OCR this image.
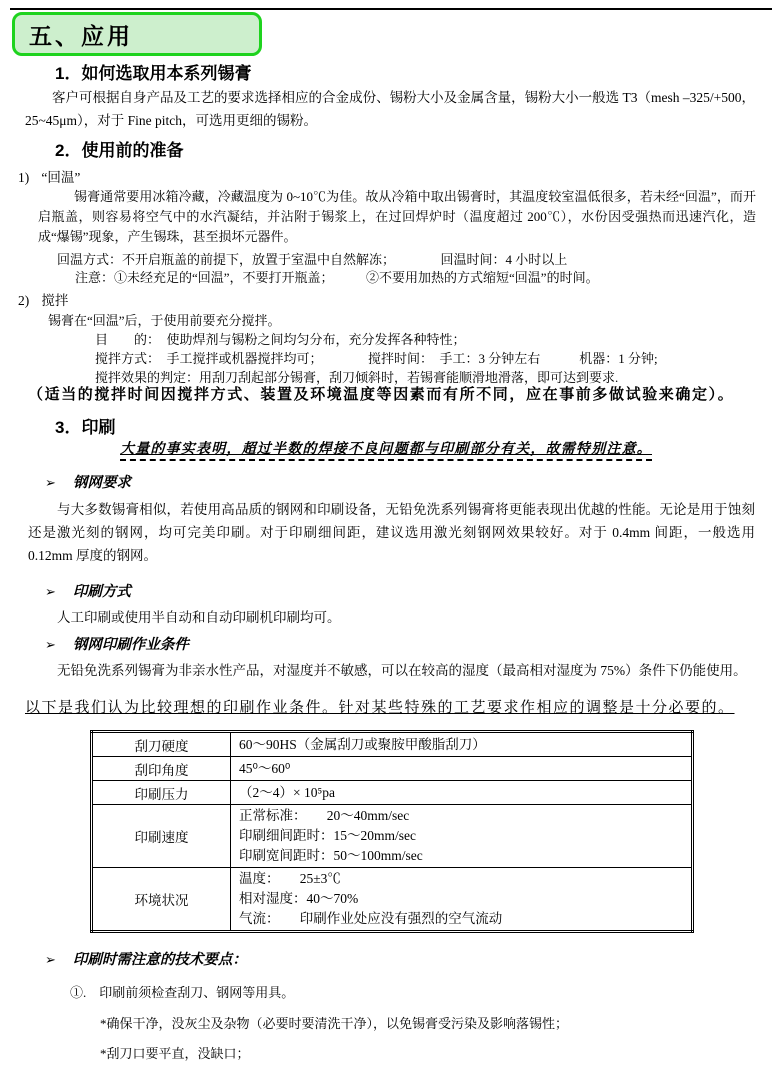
五、应用
1．如何选取用本系列锡膏
客户可根据自身产品及工艺的要求选择相应的合金成份、锡粉大小及金属含量，锡粉大小一般选 T3（mesh –325/+500，25~45μm），对于 Fine pitch，可选用更细的锡粉。
2．使用前的准备
1) “回温”
锡膏通常要用冰箱冷藏，冷藏温度为 0~10℃为佳。故从冷箱中取出锡膏时，其温度较室温低很多，若未经“回温”，而开启瓶盖，则容易将空气中的水汽凝结，并沾附于锡浆上，在过回焊炉时（温度超过 200℃），水份因受强热而迅速汽化，造成“爆锡”现象，产生锡珠，甚至损坏元器件。
回温方式：不开启瓶盖的前提下，放置于室温中自然解冻；　　　　回温时间：4 小时以上
注意：①未经充足的“回温”，不要打开瓶盖；　　　②不要用加热的方式缩短“回温”的时间。
2) 搅拌
锡膏在“回温”后，于使用前要充分搅拌。
目　　的：　使助焊剂与锡粉之间均匀分布，充分发挥各种特性；
搅拌方式：　手工搅拌或机器搅拌均可；　　　　搅拌时间：　手工：3 分钟左右　　　机器：1 分钟;
搅拌效果的判定：用刮刀刮起部分锡膏，刮刀倾斜时，若锡膏能顺滑地滑落，即可达到要求.
（适当的搅拌时间因搅拌方式、装置及环境温度等因素而有所不同，应在事前多做试验来确定）。
3．印刷
大量的事实表明，超过半数的焊接不良问题都与印刷部分有关，故需特别注意。
➢ 钢网要求
与大多数锡膏相似，若使用高品质的钢网和印刷设备，无铅免洗系列锡膏将更能表现出优越的性能。无论是用于蚀刻还是激光刻的钢网，均可完美印刷。对于印刷细间距，建议选用激光刻钢网效果较好。对于 0.4mm 间距，一般选用 0.12mm 厚度的钢网。
➢ 印刷方式
人工印刷或使用半自动和自动印刷机印刷均可。
➢ 钢网印刷作业条件
无铅免洗系列锡膏为非亲水性产品，对湿度并不敏感，可以在较高的湿度（最高相对湿度为 75%）条件下仍能使用。
以下是我们认为比较理想的印刷作业条件。针对某些特殊的工艺要求作相应的调整是十分必要的。
刮刀硬度	60～90HS（金属刮刀或聚胺甲酸脂刮刀）

刮印角度	45⁰～60⁰

印刷压力	（2～4）× 10⁵pa

印刷速度	正常标准：　　20～40mm/sec
印刷细间距时：15～20mm/sec
印刷宽间距时：50～100mm/sec

环境状况	温度：　　25±3℃
相对湿度：40～70%
气流：　　印刷作业处应没有强烈的空气流动
➢ 印刷时需注意的技术要点：
①.　印刷前须检查刮刀、钢网等用具。
*确保干净，没灰尘及杂物（必要时要清洗干净），以免锡膏受污染及影响落锡性；
*刮刀口要平直，没缺口；
